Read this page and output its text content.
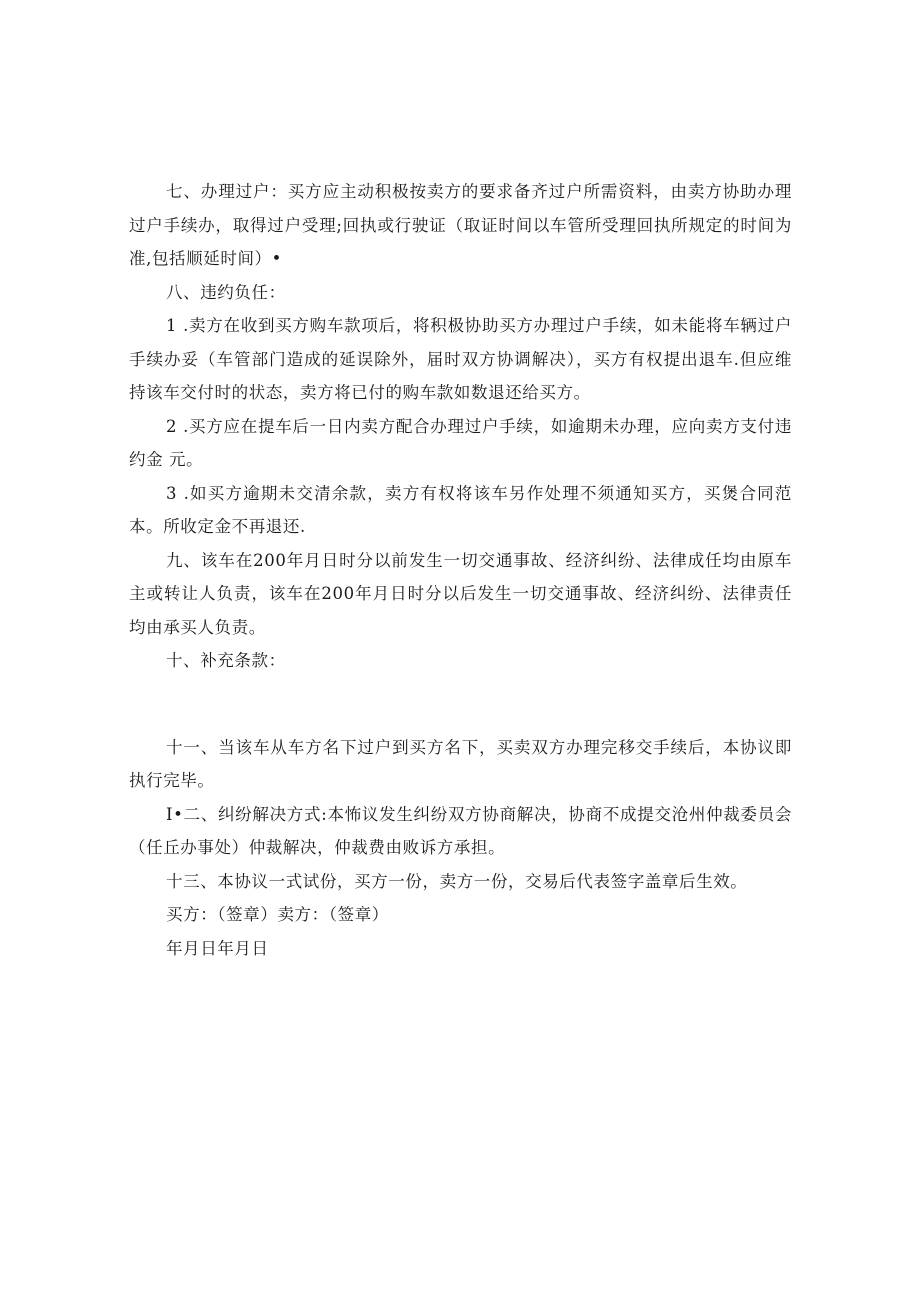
七、办理过户：买方应主动积极按卖方的要求备齐过户所需资料，由卖方协助办理过户手续办，取得过户受理;回执或行驶证（取证时间以车管所受理回执所规定的时间为准,包括顺延时间）•

八、违约负任：

1 .卖方在收到买方购车款项后，将积极协助买方办理过户手续，如未能将车辆过户手续办妥（车管部门造成的延误除外，届时双方协调解决），买方有权提出退车.但应维持该车交付时的状态，卖方将已付的购车款如数退还给买方。

2 .买方应在提车后一日内卖方配合办理过户手续，如逾期未办理，应向卖方支付违约金 元。

3 .如买方逾期未交清余款，卖方有权将该车另作处理不须通知买方，买煲合同范本。所收定金不再退还.

九、该车在200年月日时分以前发生一切交通事故、经济纠纷、法律成任均由原车主或转让人负责，该车在200年月日时分以后发生一切交通事故、经济纠纷、法律责任均由承买人负责。

十、补充条款：

十一、当该车从车方名下过户到买方名下，买卖双方办理完移交手续后，本协议即执行完毕。

I•二、纠纷解决方式:本怖议发生纠纷双方协商解决，协商不成提交沧州仲裁委员会（任丘办事处）仲裁解决，仲裁费由败诉方承担。

十三、本协议一式试份，买方一份，卖方一份，交易后代表签字盖章后生效。

买方：（签章）卖方：（签章）

年月日年月日
